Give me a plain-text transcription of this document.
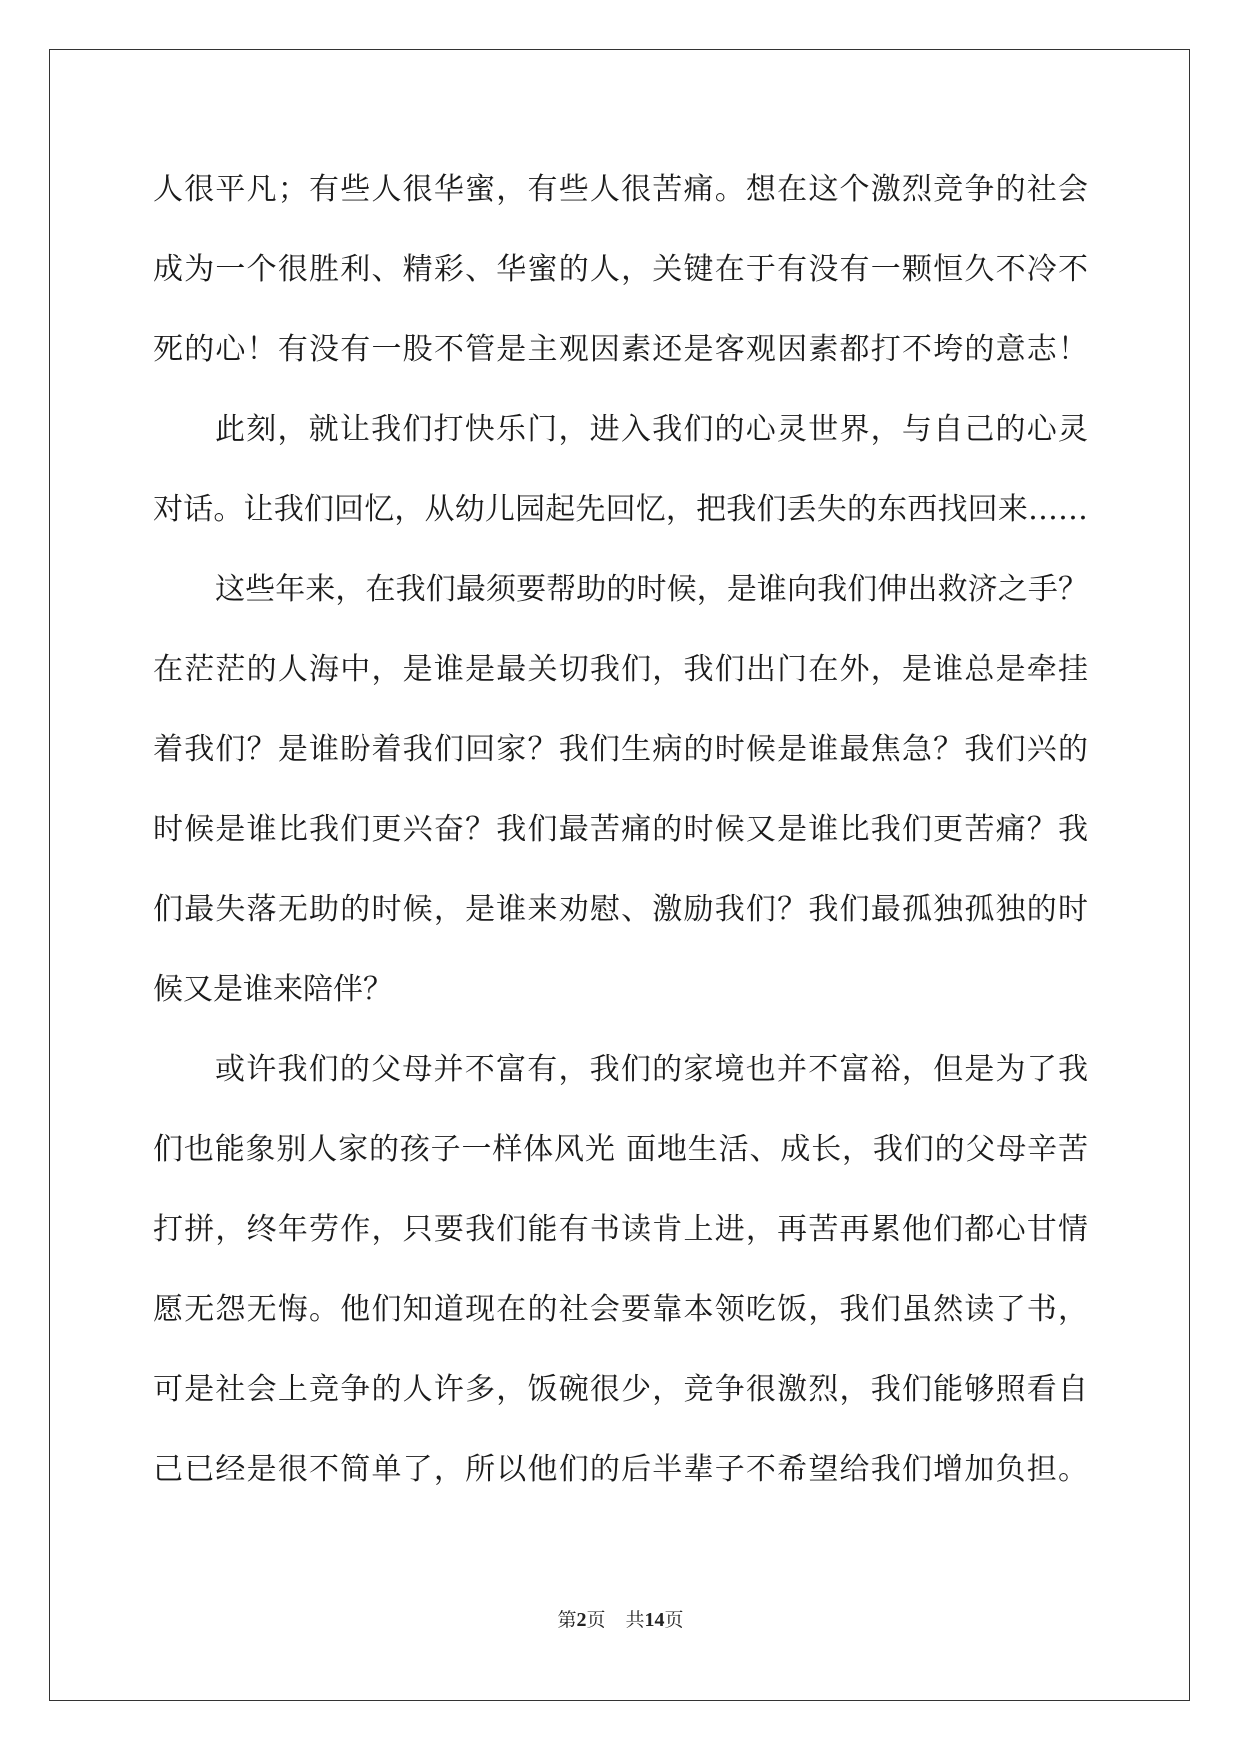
人很平凡；有些人很华蜜，有些人很苦痛。想在这个激烈竞争的社会
成为一个很胜利、精彩、华蜜的人，关键在于有没有一颗恒久不冷不
死的心！有没有一股不管是主观因素还是客观因素都打不垮的意志！
此刻，就让我们打快乐门，进入我们的心灵世界，与自己的心灵
对话。让我们回忆，从幼儿园起先回忆，把我们丢失的东西找回来……
这些年来，在我们最须要帮助的时候，是谁向我们伸出救济之手？
在茫茫的人海中，是谁是最关切我们，我们出门在外，是谁总是牵挂
着我们？是谁盼着我们回家？我们生病的时候是谁最焦急？我们兴的
时候是谁比我们更兴奋？我们最苦痛的时候又是谁比我们更苦痛？我
们最失落无助的时候，是谁来劝慰、激励我们？我们最孤独孤独的时
候又是谁来陪伴？
或许我们的父母并不富有，我们的家境也并不富裕，但是为了我
们也能象别人家的孩子一样体风光 面地生活、成长，我们的父母辛苦
打拼，终年劳作，只要我们能有书读肯上进，再苦再累他们都心甘情
愿无怨无悔。他们知道现在的社会要靠本领吃饭，我们虽然读了书，
可是社会上竞争的人许多，饭碗很少，竞争很激烈，我们能够照看自
己已经是很不简单了，所以他们的后半辈子不希望给我们增加负担。
第2页 共14页
